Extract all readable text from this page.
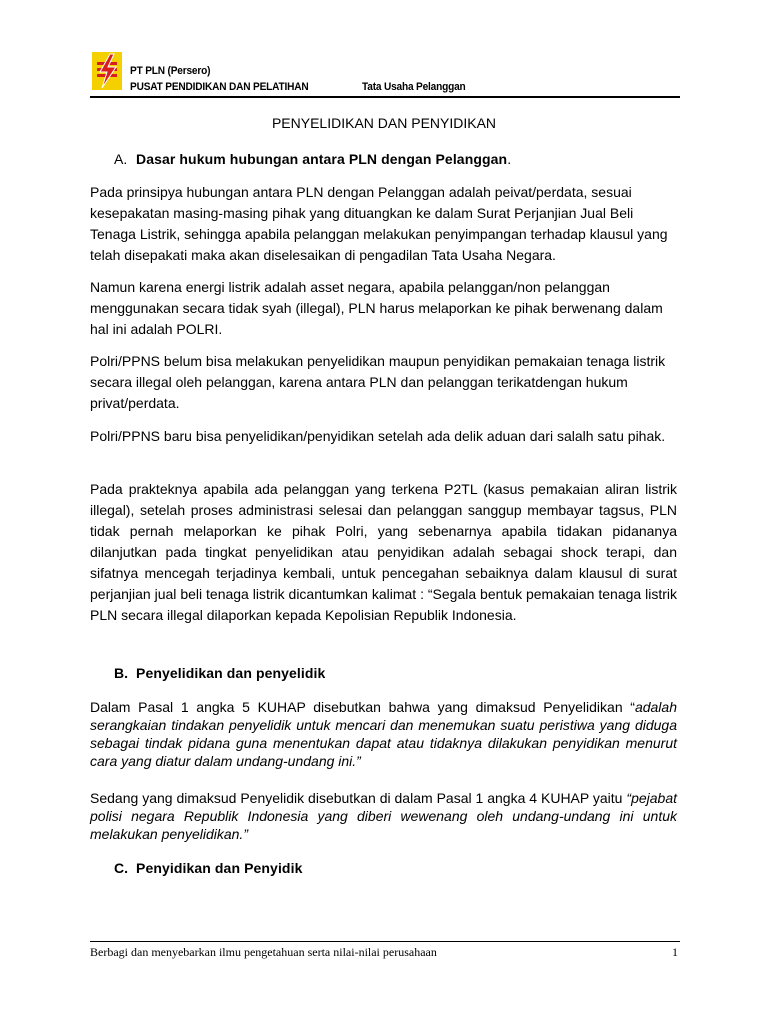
PT PLN (Persero)
PUSAT PENDIDIKAN DAN PELATIHAN	Tata Usaha Pelanggan
PENYELIDIKAN DAN PENYIDIKAN
A. Dasar hukum hubungan antara PLN dengan Pelanggan.
Pada prinsipya hubungan antara PLN dengan Pelanggan adalah peivat/perdata, sesuai kesepakatan masing-masing pihak yang dituangkan ke dalam Surat Perjanjian Jual Beli Tenaga Listrik, sehingga apabila pelanggan melakukan penyimpangan terhadap klausul yang telah disepakati maka akan diselesaikan di pengadilan Tata Usaha Negara.
Namun karena energi listrik adalah asset negara, apabila pelanggan/non pelanggan menggunakan secara tidak syah (illegal), PLN harus melaporkan ke pihak berwenang dalam hal ini adalah POLRI.
Polri/PPNS belum bisa melakukan penyelidikan maupun penyidikan pemakaian tenaga listrik secara illegal oleh pelanggan, karena antara PLN dan pelanggan terikatdengan hukum privat/perdata.
Polri/PPNS baru bisa penyelidikan/penyidikan setelah ada delik aduan dari salalh satu pihak.
Pada prakteknya apabila ada pelanggan yang terkena P2TL (kasus pemakaian aliran listrik illegal), setelah proses administrasi selesai dan pelanggan sanggup membayar tagsus, PLN tidak pernah melaporkan ke pihak Polri, yang sebenarnya apabila tidakan pidananya dilanjutkan pada tingkat penyelidikan atau penyidikan adalah sebagai shock terapi, dan sifatnya mencegah terjadinya kembali, untuk pencegahan sebaiknya dalam klausul di surat perjanjian jual beli tenaga listrik dicantumkan kalimat : “Segala bentuk pemakaian tenaga listrik PLN secara illegal dilaporkan kepada Kepolisian Republik Indonesia.
B. Penyelidikan dan penyelidik
Dalam Pasal 1 angka 5 KUHAP disebutkan bahwa yang dimaksud Penyelidikan “adalah serangkaian tindakan penyelidik untuk mencari dan menemukan suatu peristiwa yang diduga sebagai tindak pidana guna menentukan dapat atau tidaknya dilakukan penyidikan menurut cara yang diatur dalam undang-undang ini.”
Sedang yang dimaksud Penyelidik disebutkan di dalam Pasal 1 angka 4 KUHAP yaitu “pejabat polisi negara Republik Indonesia yang diberi wewenang oleh undang-undang ini untuk melakukan penyelidikan.”
C. Penyidikan dan Penyidik
Berbagi dan menyebarkan ilmu pengetahuan serta nilai-nilai perusahaan	1
